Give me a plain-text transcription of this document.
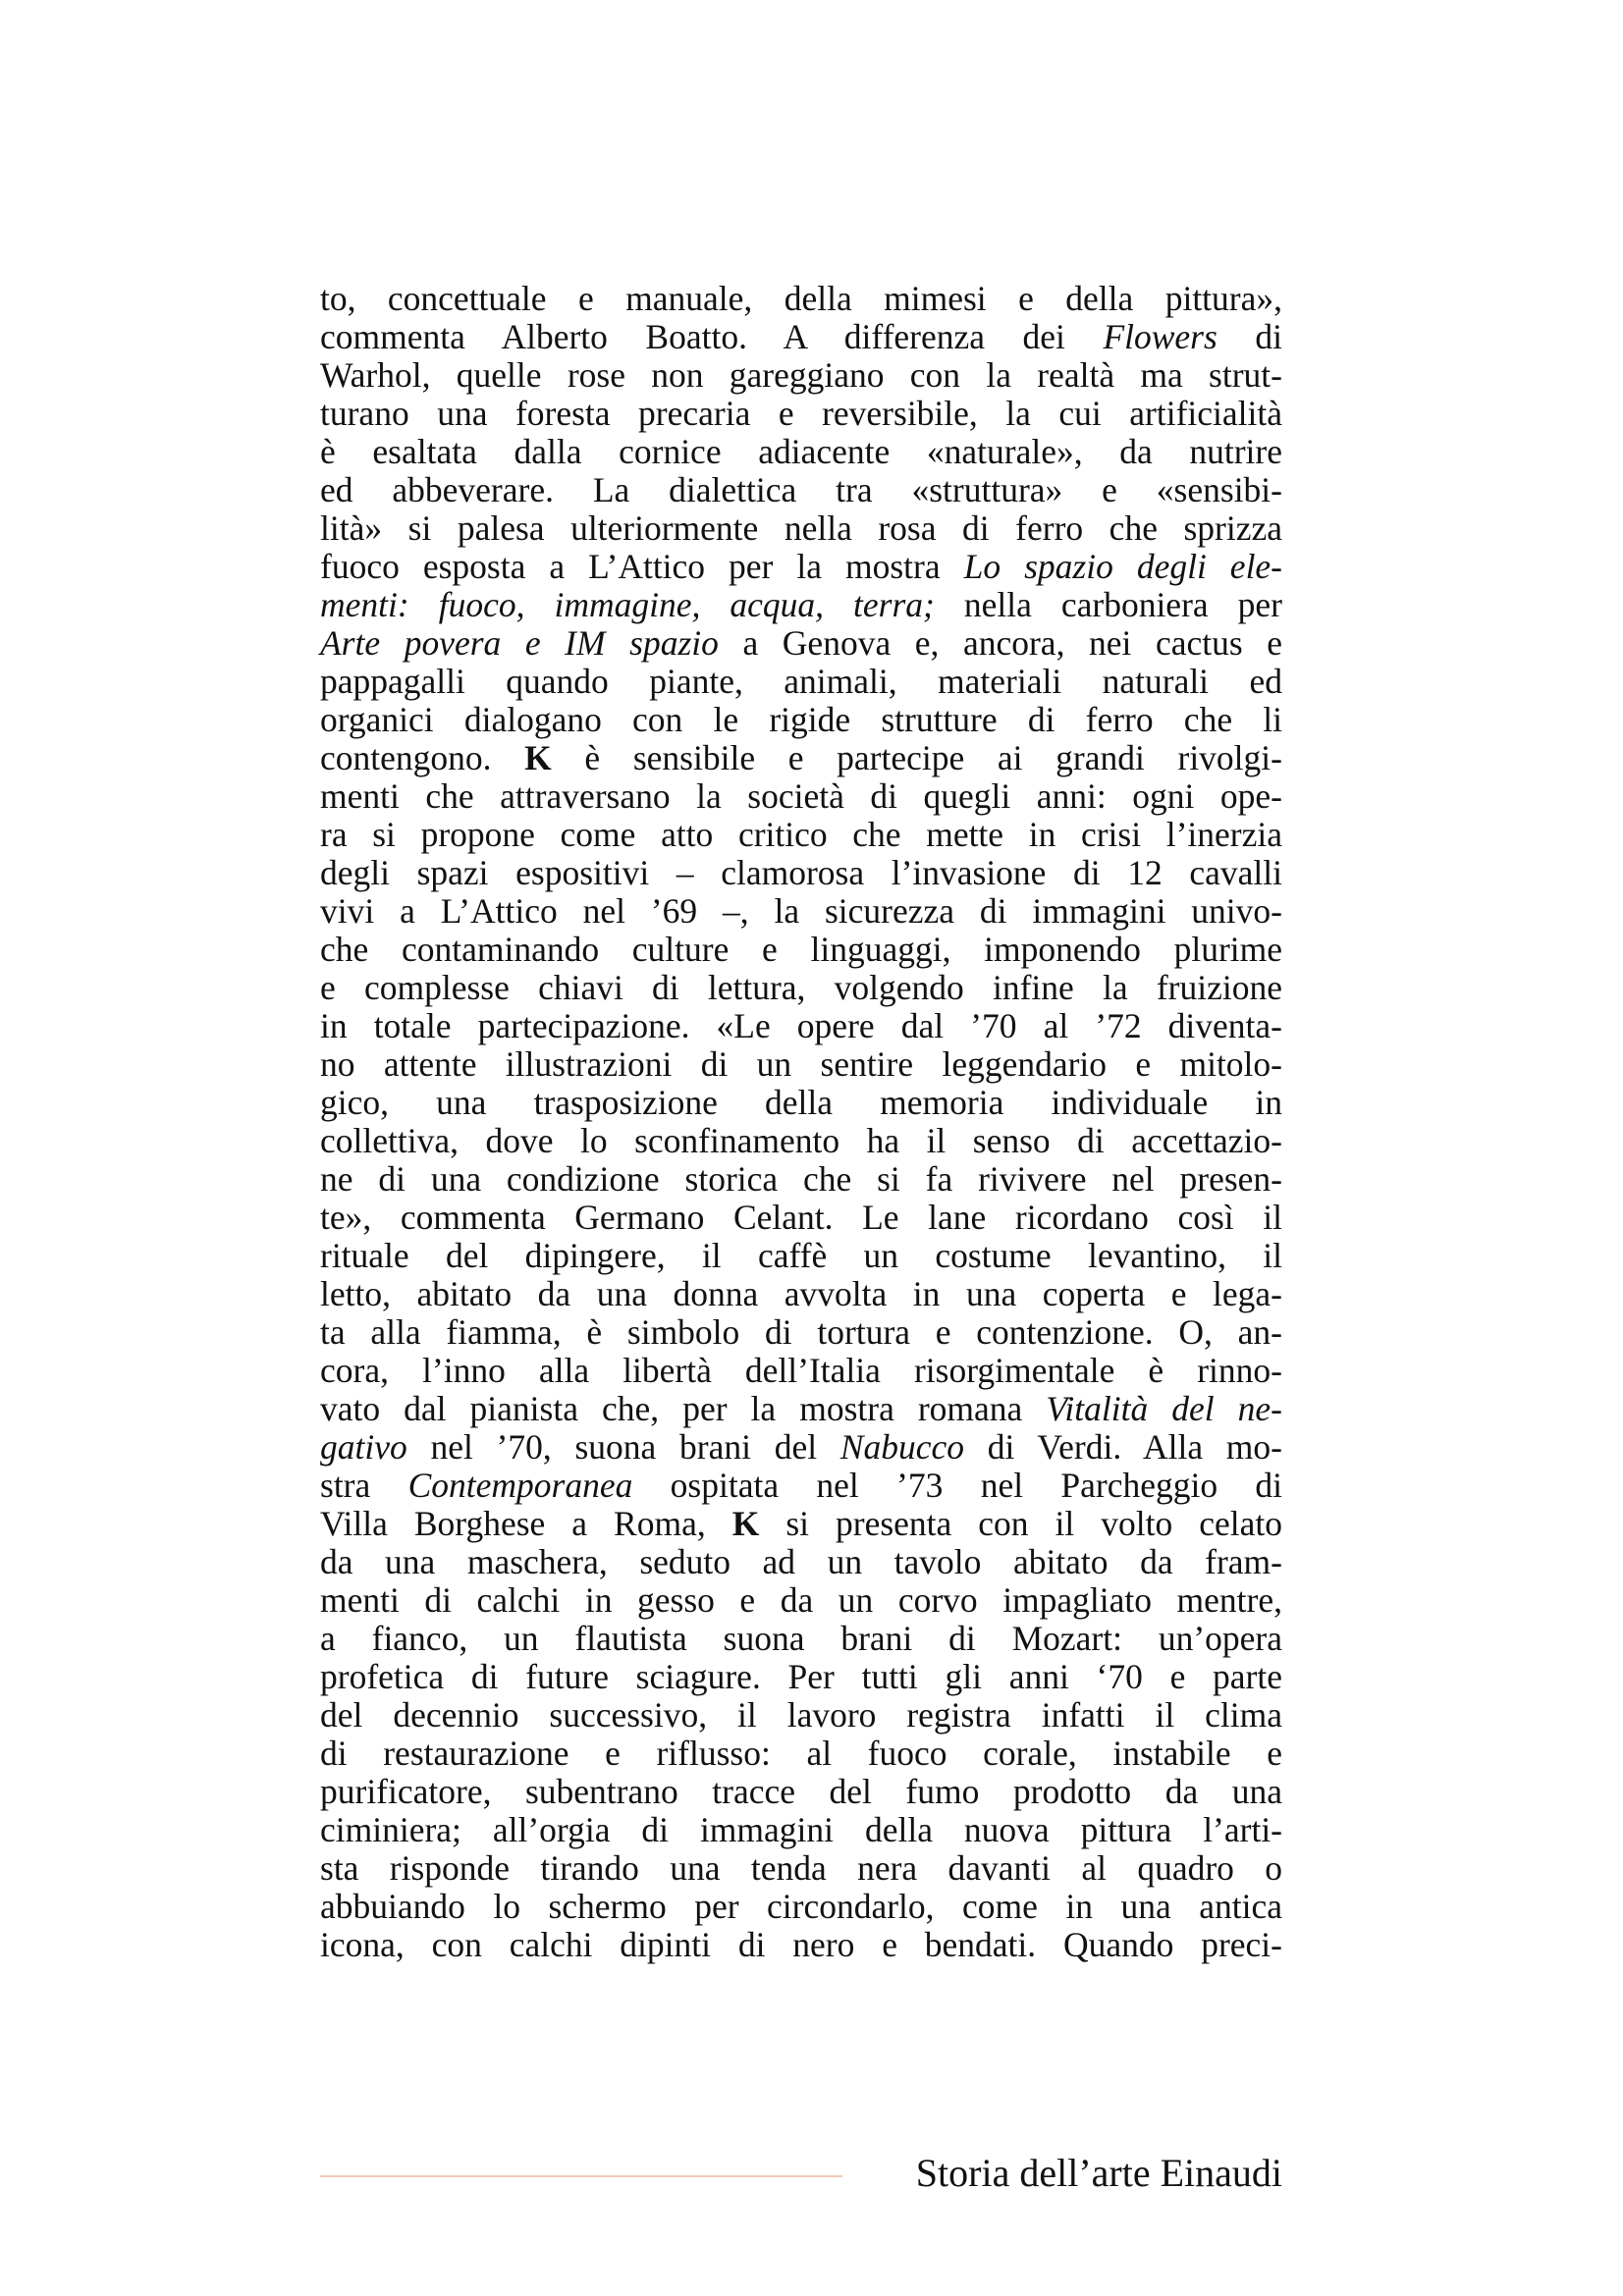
to, concettuale e manuale, della mimesi e della pittura»,
commenta Alberto Boatto. A differenza dei Flowers di
Warhol, quelle rose non gareggiano con la realtà ma strut-
turano una foresta precaria e reversibile, la cui artificialità
è esaltata dalla cornice adiacente «naturale», da nutrire
ed abbeverare. La dialettica tra «struttura» e «sensibi-
lità» si palesa ulteriormente nella rosa di ferro che sprizza
fuoco esposta a L’Attico per la mostra Lo spazio degli ele-
menti: fuoco, immagine, acqua, terra; nella carboniera per
Arte povera e IM spazio a Genova e, ancora, nei cactus e
pappagalli quando piante, animali, materiali naturali ed
organici dialogano con le rigide strutture di ferro che li
contengono. K è sensibile e partecipe ai grandi rivolgi-
menti che attraversano la società di quegli anni: ogni ope-
ra si propone come atto critico che mette in crisi l’inerzia
degli spazi espositivi – clamorosa l’invasione di 12 cavalli
vivi a L’Attico nel ’69 –, la sicurezza di immagini univo-
che contaminando culture e linguaggi, imponendo plurime
e complesse chiavi di lettura, volgendo infine la fruizione
in totale partecipazione. «Le opere dal ’70 al ’72 diventa-
no attente illustrazioni di un sentire leggendario e mitolo-
gico, una trasposizione della memoria individuale in
collettiva, dove lo sconfinamento ha il senso di accettazio-
ne di una condizione storica che si fa rivivere nel presen-
te», commenta Germano Celant. Le lane ricordano così il
rituale del dipingere, il caffè un costume levantino, il
letto, abitato da una donna avvolta in una coperta e lega-
ta alla fiamma, è simbolo di tortura e contenzione. O, an-
cora, l’inno alla libertà dell’Italia risorgimentale è rinno-
vato dal pianista che, per la mostra romana Vitalità del ne-
gativo nel ’70, suona brani del Nabucco di Verdi. Alla mo-
stra Contemporanea ospitata nel ’73 nel Parcheggio di
Villa Borghese a Roma, K si presenta con il volto celato
da una maschera, seduto ad un tavolo abitato da fram-
menti di calchi in gesso e da un corvo impagliato mentre,
a fianco, un flautista suona brani di Mozart: un’opera
profetica di future sciagure. Per tutti gli anni ‘70 e parte
del decennio successivo, il lavoro registra infatti il clima
di restaurazione e riflusso: al fuoco corale, instabile e
purificatore, subentrano tracce del fumo prodotto da una
ciminiera; all’orgia di immagini della nuova pittura l’arti-
sta risponde tirando una tenda nera davanti al quadro o
abbuiando lo schermo per circondarlo, come in una antica
icona, con calchi dipinti di nero e bendati. Quando preci-
Storia dell’arte Einaudi
